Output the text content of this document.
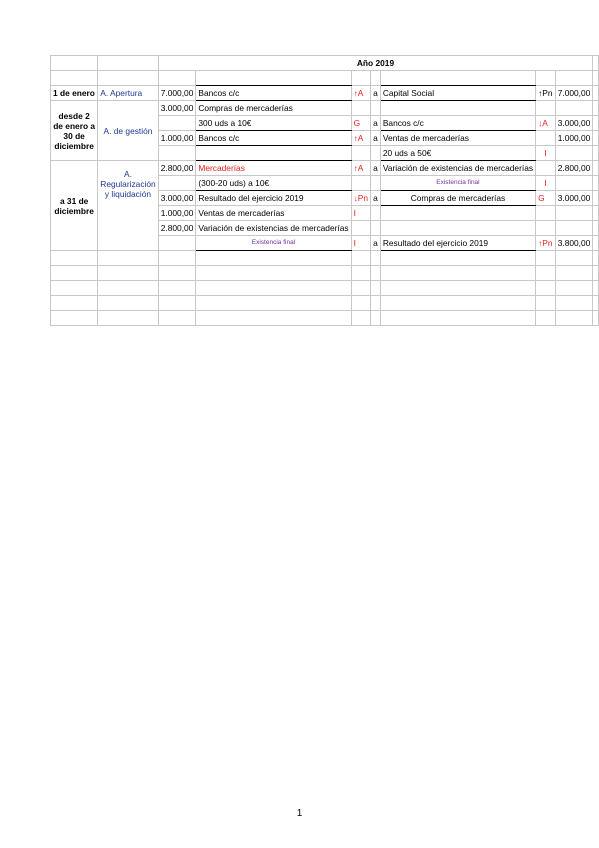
		Año 2019							

1 de enero	A. Apertura	7.000,00	Bancos c/c	↑A	a	Capital Social	↑Pn	7.000,00	
desde 2 de enero a 30 de diciembre	A. de gestión	3.000,00	Compras de mercaderías						
			300 uds a 10€	G	a	Bancos c/c	↓A	3.000,00	
		1.000,00	Bancos c/c	↑A	a	Ventas de mercaderías		1.000,00	
						20 uds a 50€	I		
a 31 de diciembre	A. Regularización y liquidación	2.800,00	Mercaderías	↑A	a	Variación de existencias de mercaderías		2.800,00	
			(300-20 uds) a 10€			Existencia final	I		
		3.000,00	Resultado del ejercicio 2019	↓Pn	a	Compras de mercaderías	G	3.000,00	
		1.000,00	Ventas de mercaderías	I					
		2.800,00	Variación de existencias de mercaderías						
			Existencia final	I	a	Resultado del ejercicio 2019	↑Pn	3.800,00	

1
